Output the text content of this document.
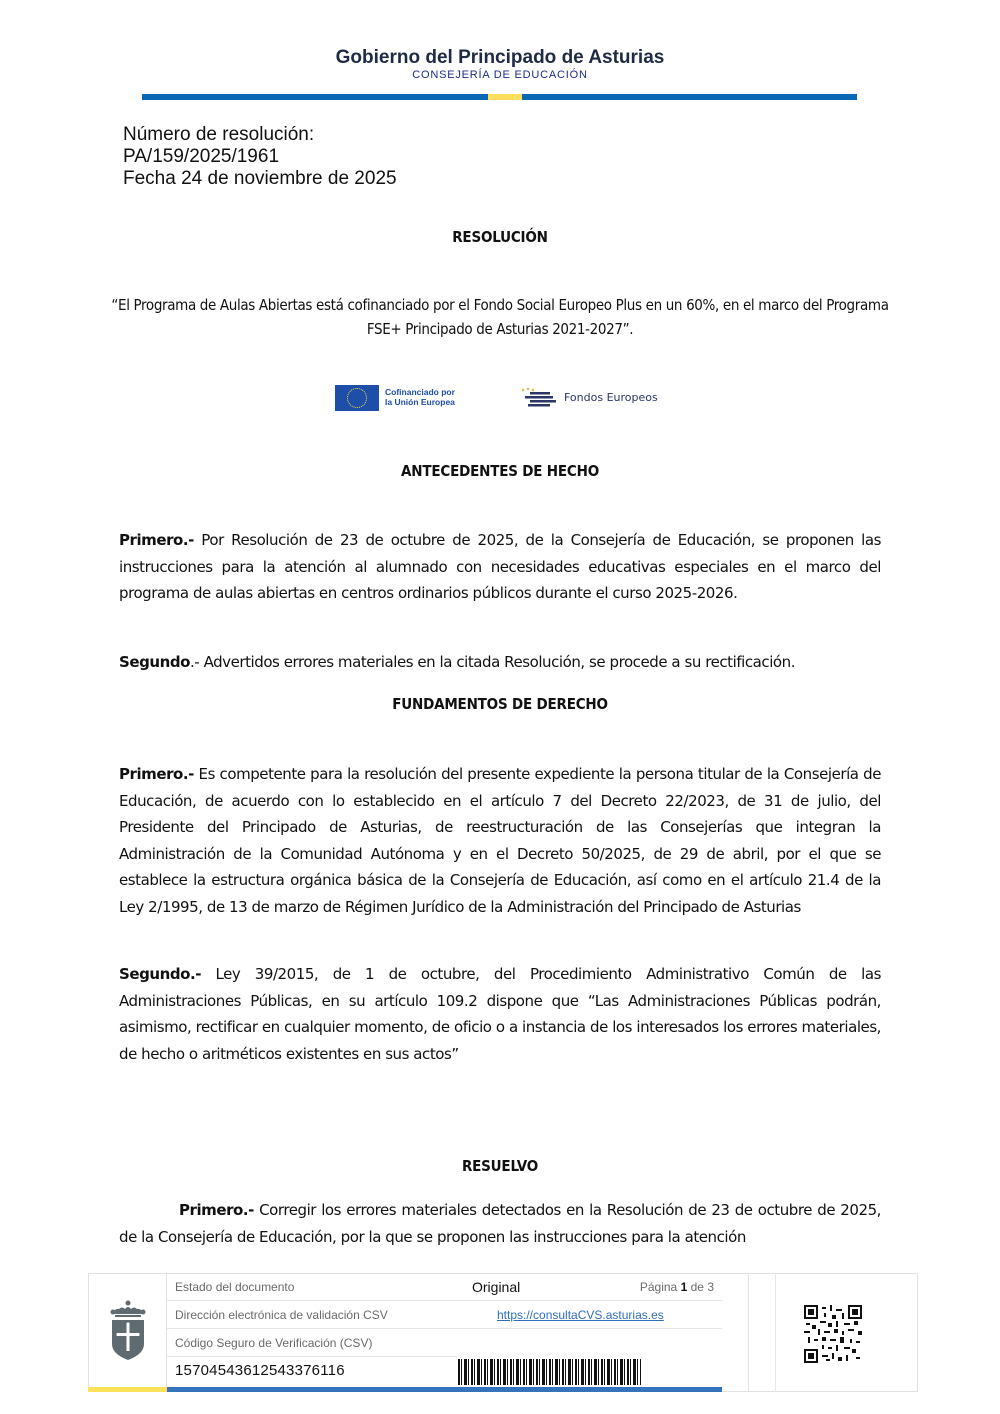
Gobierno del Principado de Asturias
CONSEJERÍA DE EDUCACIÓN
Número de resolución:
PA/159/2025/1961
Fecha 24 de noviembre de 2025
RESOLUCIÓN
“El Programa de Aulas Abiertas está cofinanciado por el Fondo Social Europeo Plus en un 60%, en el marco del Programa FSE+ Principado de Asturias 2021-2027”.
Cofinanciado por
la Unión Europea	Fondos Europeos
ANTECEDENTES DE HECHO
Primero.- Por Resolución de 23 de octubre de 2025, de la Consejería de Educación, se proponen las instrucciones para la atención al alumnado con necesidades educativas especiales en el marco del programa de aulas abiertas en centros ordinarios públicos durante el curso 2025-2026.
Segundo.- Advertidos errores materiales en la citada Resolución, se procede a su rectificación.
FUNDAMENTOS DE DERECHO
Primero.- Es competente para la resolución del presente expediente la persona titular de la Consejería de Educación, de acuerdo con lo establecido en el artículo 7 del Decreto 22/2023, de 31 de julio, del Presidente del Principado de Asturias, de reestructuración de las Consejerías que integran la Administración de la Comunidad Autónoma y en el Decreto 50/2025, de 29 de abril, por el que se establece la estructura orgánica básica de la Consejería de Educación, así como en el artículo 21.4 de la Ley 2/1995, de 13 de marzo de Régimen Jurídico de la Administración del Principado de Asturias
Segundo.- Ley 39/2015, de 1 de octubre, del Procedimiento Administrativo Común de las Administraciones Públicas, en su artículo 109.2 dispone que “Las Administraciones Públicas podrán, asimismo, rectificar en cualquier momento, de oficio o a instancia de los interesados los errores materiales, de hecho o aritméticos existentes en sus actos”
RESUELVO
Primero.- Corregir los errores materiales detectados en la Resolución de 23 de octubre de 2025, de la Consejería de Educación, por la que se proponen las instrucciones para la atención
Estado del documento	Original	Página 1 de 3
Dirección electrónica de validación CSV	https://consultaCVS.asturias.es
Código Seguro de Verificación (CSV)
15704543612543376116
